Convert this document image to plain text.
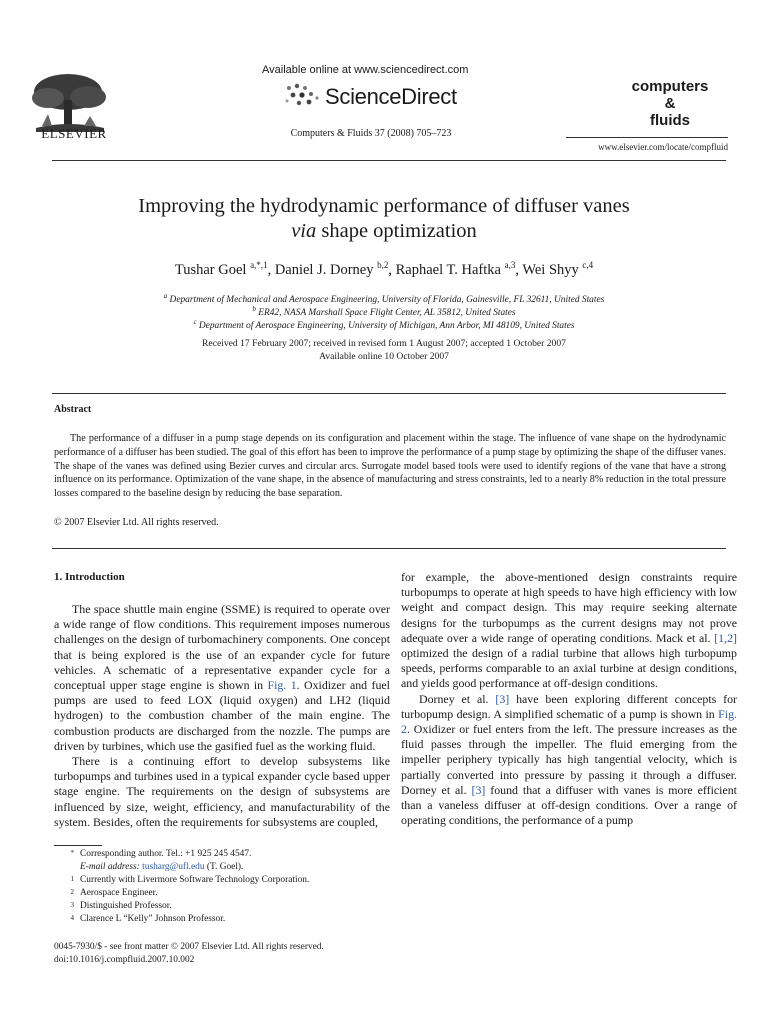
ELSEVIER
Available online at www.sciencedirect.com
ScienceDirect
Computers & Fluids 37 (2008) 705–723
computers
&
fluids
www.elsevier.com/locate/compfluid
Improving the hydrodynamic performance of diffuser vanes
via shape optimization
Tushar Goel $^{a,*,1}$, Daniel J. Dorney $^{b,2}$, Raphael T. Haftka $^{a,3}$, Wei Shyy $^{c,4}$
$^a$ Department of Mechanical and Aerospace Engineering, University of Florida, Gainesville, FL 32611, United States
$^b$ ER42, NASA Marshall Space Flight Center, AL 35812, United States
$^c$ Department of Aerospace Engineering, University of Michigan, Ann Arbor, MI 48109, United States
Received 17 February 2007; received in revised form 1 August 2007; accepted 1 October 2007
Available online 10 October 2007
Abstract

The performance of a diffuser in a pump stage depends on its configuration and placement within the stage. The influence of vane shape on the hydrodynamic performance of a diffuser has been studied. The goal of this effort has been to improve the performance of a pump stage by optimizing the shape of the diffuser vanes. The shape of the vanes was defined using Bezier curves and circular arcs. Surrogate model based tools were used to identify regions of the vane that have a strong influence on its performance. Optimization of the vane shape, in the absence of manufacturing and stress constraints, led to a nearly 8% reduction in the total pressure losses compared to the baseline design by reducing the base separation.

© 2007 Elsevier Ltd. All rights reserved.
1. Introduction

The space shuttle main engine (SSME) is required to operate over a wide range of flow conditions. This requirement imposes numerous challenges on the design of turbomachinery components. One concept that is being explored is the use of an expander cycle for future vehicles. A schematic of a representative expander cycle for a conceptual upper stage engine is shown in Fig. 1. Oxidizer and fuel pumps are used to feed LOX (liquid oxygen) and LH2 (liquid hydrogen) to the combustion chamber of the main engine. The combustion products are discharged from the nozzle. The pumps are driven by turbines, which use the gasified fuel as the working fluid.

There is a continuing effort to develop subsystems like turbopumps and turbines used in a typical expander cycle based upper stage engine. The requirements on the design of subsystems are influenced by size, weight, efficiency, and manufacturability of the system. Besides, often the requirements for subsystems are coupled,

for example, the above-mentioned design constraints require turbopumps to operate at high speeds to have high efficiency with low weight and compact design. This may require seeking alternate designs for the turbopumps as the current designs may not prove adequate over a wide range of operating conditions. Mack et al. [1,2] optimized the design of a radial turbine that allows high turbopump speeds, performs comparable to an axial turbine at design conditions, and yields good performance at off-design conditions.

Dorney et al. [3] have been exploring different concepts for turbopump design. A simplified schematic of a pump is shown in Fig. 2. Oxidizer or fuel enters from the left. The pressure increases as the fluid passes through the impeller. The fluid emerging from the impeller periphery typically has high tangential velocity, which is partially converted into pressure by passing it through a diffuser. Dorney et al. [3] found that a diffuser with vanes is more efficient than a vaneless diffuser at off-design conditions. Over a range of operating conditions, the performance of a pump

* Corresponding author. Tel.: +1 925 245 4547.
E-mail address: tusharg@ufl.edu (T. Goel).
1 Currently with Livermore Software Technology Corporation.
2 Aerospace Engineer.
3 Distinguished Professor.
4 Clarence L “Kelly” Johnson Professor.
0045-7930/$ - see front matter © 2007 Elsevier Ltd. All rights reserved.
doi:10.1016/j.compfluid.2007.10.002
